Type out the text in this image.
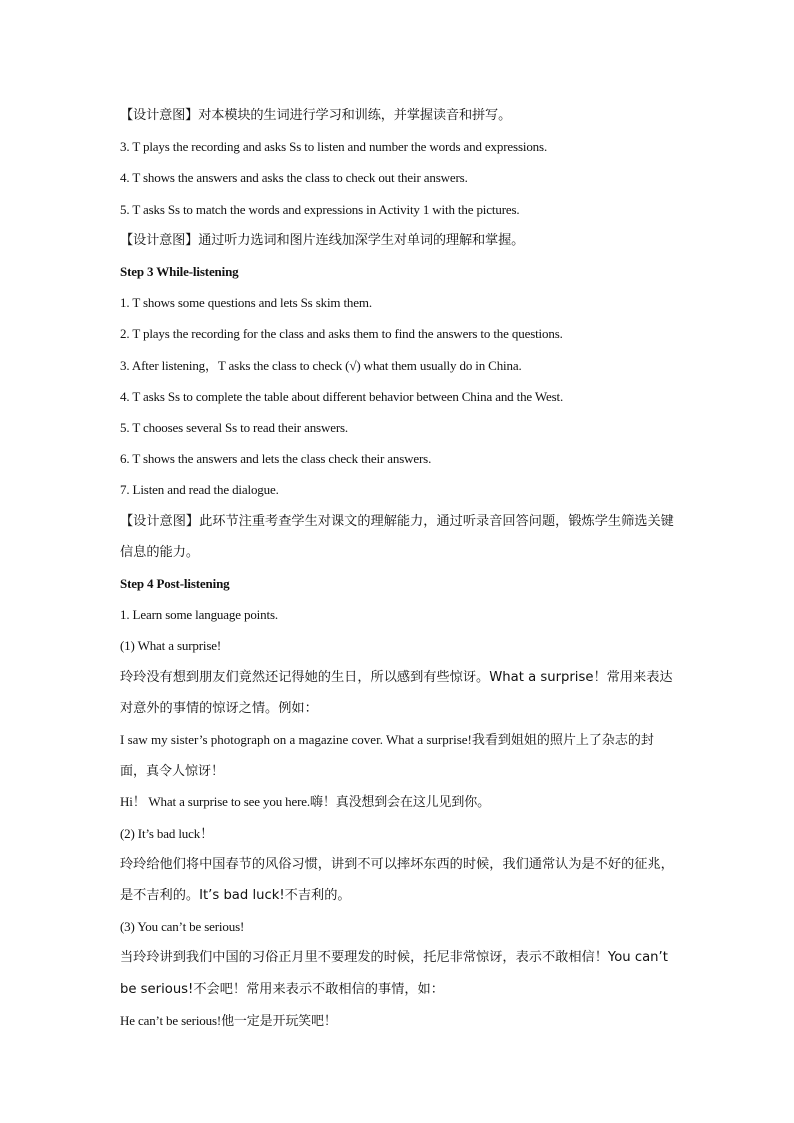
【设计意图】对本模块的生词进行学习和训练，并掌握读音和拼写。
3. T plays the recording and asks Ss to listen and number the words and expressions.
4. T shows the answers and asks the class to check out their answers.
5. T asks Ss to match the words and expressions in Activity 1 with the pictures.
【设计意图】通过听力选词和图片连线加深学生对单词的理解和掌握。
Step 3 While-listening
1. T shows some questions and lets Ss skim them.
2. T plays the recording for the class and asks them to find the answers to the questions.
3. After listening，T asks the class to check (√) what them usually do in China.
4. T asks Ss to complete the table about different behavior between China and the West.
5. T chooses several Ss to read their answers.
6. T shows the answers and lets the class check their answers.
7. Listen and read the dialogue.
【设计意图】此环节注重考查学生对课文的理解能力，通过听录音回答问题，锻炼学生筛选关键信息的能力。
Step 4 Post-listening
1. Learn some language points.
(1) What a surprise!
玲玲没有想到朋友们竟然还记得她的生日，所以感到有些惊讶。What a surprise！常用来表达对意外的事情的惊讶之情。例如：
I saw my sister’s photograph on a magazine cover. What a surprise!我看到姐姐的照片上了杂志的封面，真令人惊讶！
Hi！ What a surprise to see you here.嗨！真没想到会在这儿见到你。
(2) It’s bad luck！
玲玲给他们将中国春节的风俗习惯，讲到不可以摔坏东西的时候，我们通常认为是不好的征兆，是不吉利的。It’s bad luck!不吉利的。
(3) You can’t be serious!
当玲玲讲到我们中国的习俗正月里不要理发的时候，托尼非常惊讶，表示不敢相信！You can’t be serious!不会吧！常用来表示不敢相信的事情，如：
He can’t be serious!他一定是开玩笑吧！
